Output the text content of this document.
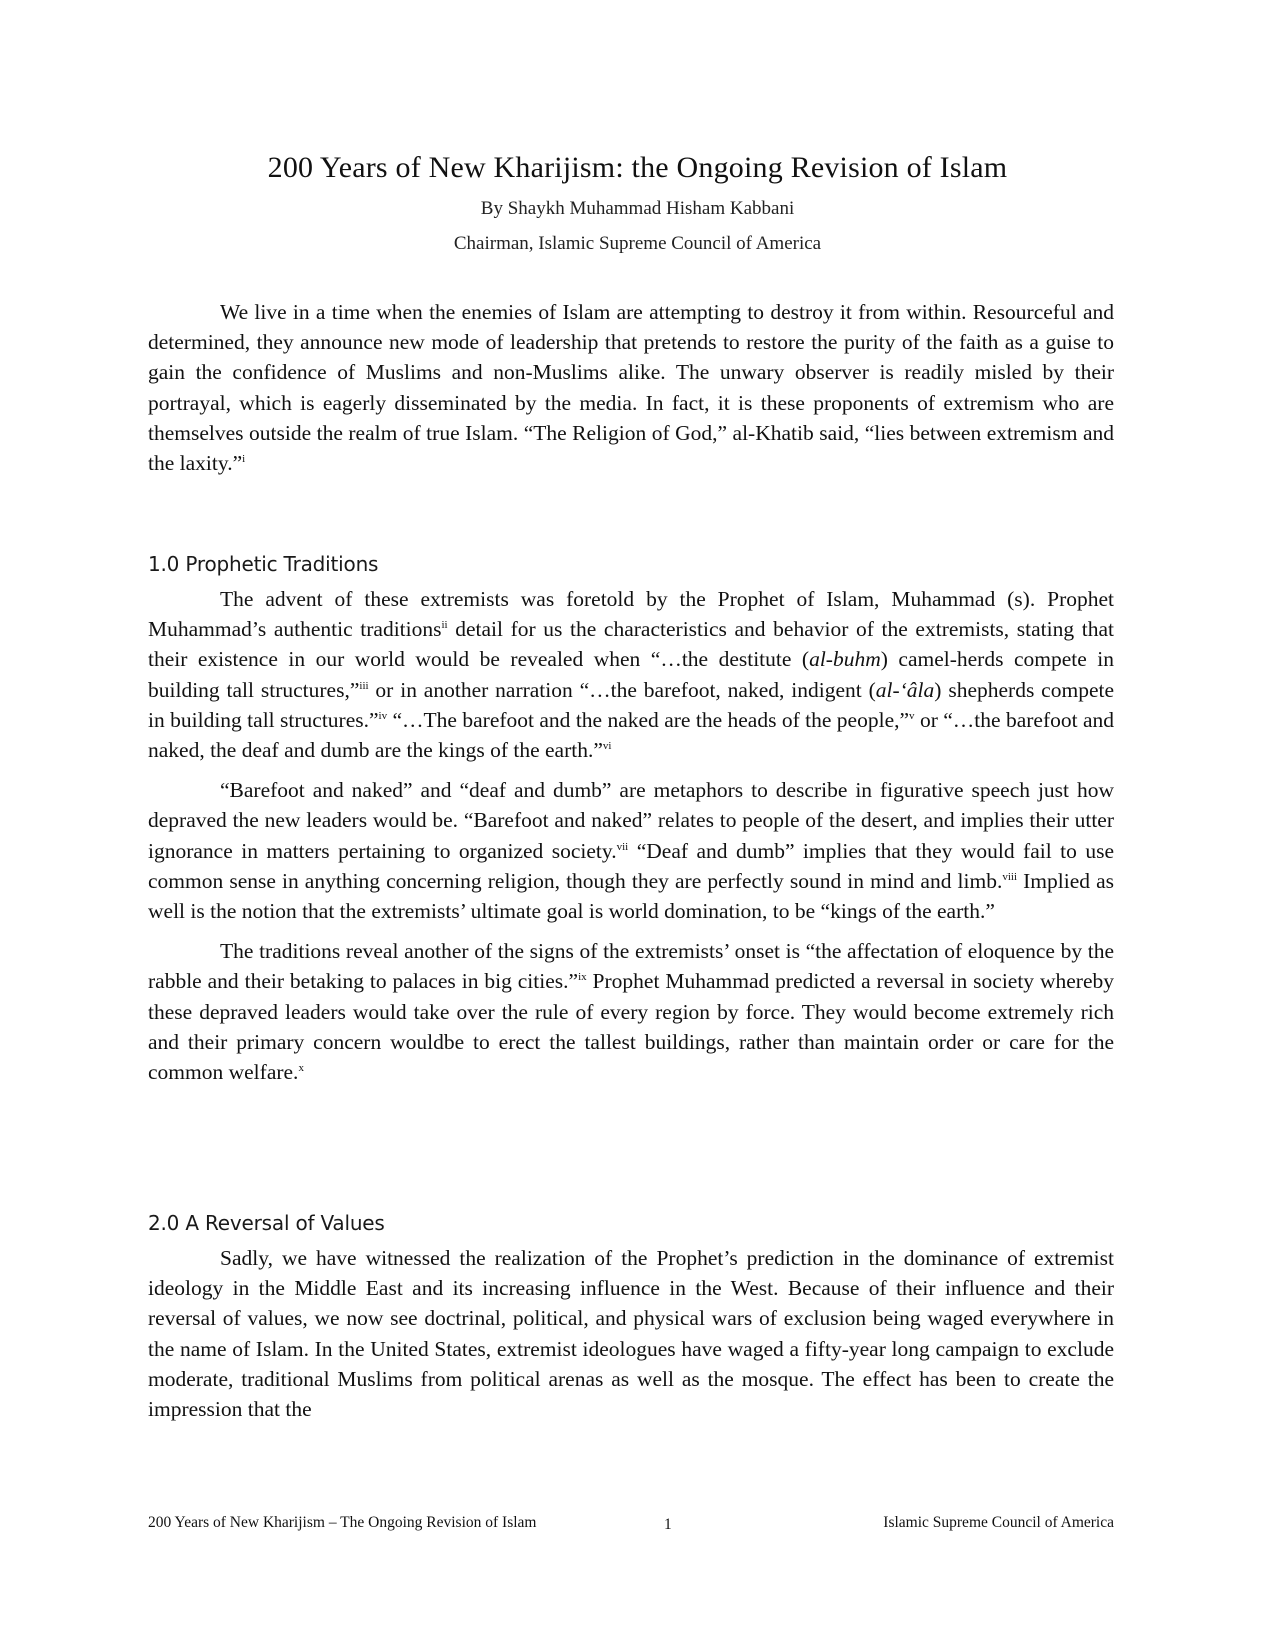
200 Years of New Kharijism: the Ongoing Revision of Islam
By Shaykh Muhammad Hisham Kabbani
Chairman, Islamic Supreme Council of America

We live in a time when the enemies of Islam are attempting to destroy it from within. Resourceful and determined, they announce new mode of leadership that pretends to restore the purity of the faith as a guise to gain the confidence of Muslims and non-Muslims alike. The unwary observer is readily misled by their portrayal, which is eagerly disseminated by the media. In fact, it is these proponents of extremism who are themselves outside the realm of true Islam. “The Religion of God,” al-Khatib said, “lies between extremism and the laxity.”$^i$

1.0 Prophetic Traditions

The advent of these extremists was foretold by the Prophet of Islam, Muhammad (s). Prophet Muhammad’s authentic traditions$^{ii}$ detail for us the characteristics and behavior of the extremists, stating that their existence in our world would be revealed when “…the destitute (al-buhm) camel-herds compete in building tall structures,”$^{iii}$ or in another narration “…the barefoot, naked, indigent (al-‘âla) shepherds compete in building tall structures.”$^{iv}$ “…The barefoot and the naked are the heads of the people,”$^v$ or “…the barefoot and naked, the deaf and dumb are the kings of the earth.”$^{vi}$

“Barefoot and naked” and “deaf and dumb” are metaphors to describe in figurative speech just how depraved the new leaders would be. “Barefoot and naked” relates to people of the desert, and implies their utter ignorance in matters pertaining to organized society.$^{vii}$ “Deaf and dumb” implies that they would fail to use common sense in anything concerning religion, though they are perfectly sound in mind and limb.$^{viii}$ Implied as well is the notion that the extremists’ ultimate goal is world domination, to be “kings of the earth.”

The traditions reveal another of the signs of the extremists’ onset is “the affectation of eloquence by the rabble and their betaking to palaces in big cities.”$^{ix}$ Prophet Muhammad predicted a reversal in society whereby these depraved leaders would take over the rule of every region by force. They would become extremely rich and their primary concern wouldbe to erect the tallest buildings, rather than maintain order or care for the common welfare.$^x$

2.0 A Reversal of Values

Sadly, we have witnessed the realization of the Prophet’s prediction in the dominance of extremist ideology in the Middle East and its increasing influence in the West. Because of their influence and their reversal of values, we now see doctrinal, political, and physical wars of exclusion being waged everywhere in the name of Islam. In the United States, extremist ideologues have waged a fifty-year long campaign to exclude moderate, traditional Muslims from political arenas as well as the mosque. The effect has been to create the impression that the

200 Years of New Kharijism – The Ongoing Revision of Islam	1	Islamic Supreme Council of America
